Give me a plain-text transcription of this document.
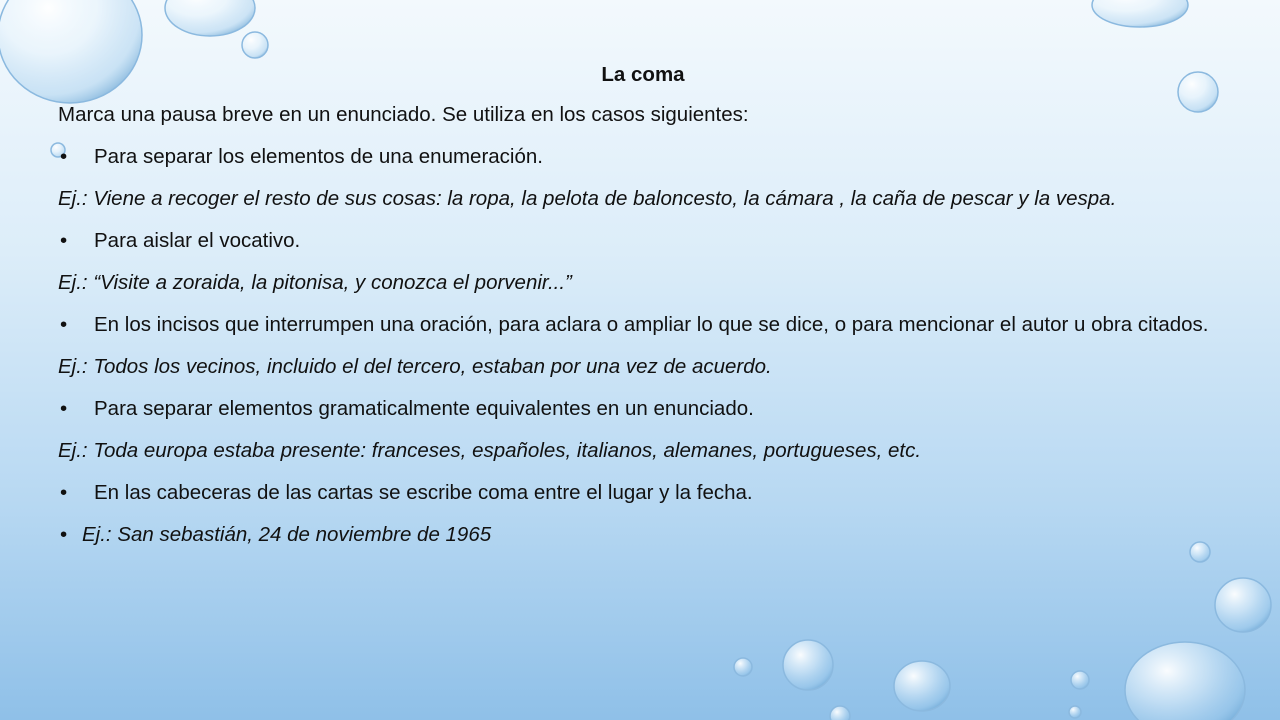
La coma
Marca una pausa breve en un enunciado. Se utiliza en los casos siguientes:
• Para separar los elementos de una enumeración.
Ej.: Viene a recoger el resto de sus cosas: la ropa, la pelota de baloncesto, la cámara , la caña de pescar y la vespa.
• Para aislar el vocativo.
Ej.: “Visite a zoraida, la pitonisa, y conozca el porvenir...”
• En los incisos que interrumpen una oración, para aclara o ampliar lo que se dice, o para mencionar el autor u obra citados.
Ej.: Todos los vecinos, incluido el del tercero, estaban por una vez de acuerdo.
• Para separar elementos gramaticalmente equivalentes en un enunciado.
Ej.: Toda europa estaba presente: franceses, españoles, italianos, alemanes, portugueses, etc.
• En las cabeceras de las cartas se escribe coma entre el lugar y la fecha.
• Ej.: San sebastián, 24 de noviembre de 1965
